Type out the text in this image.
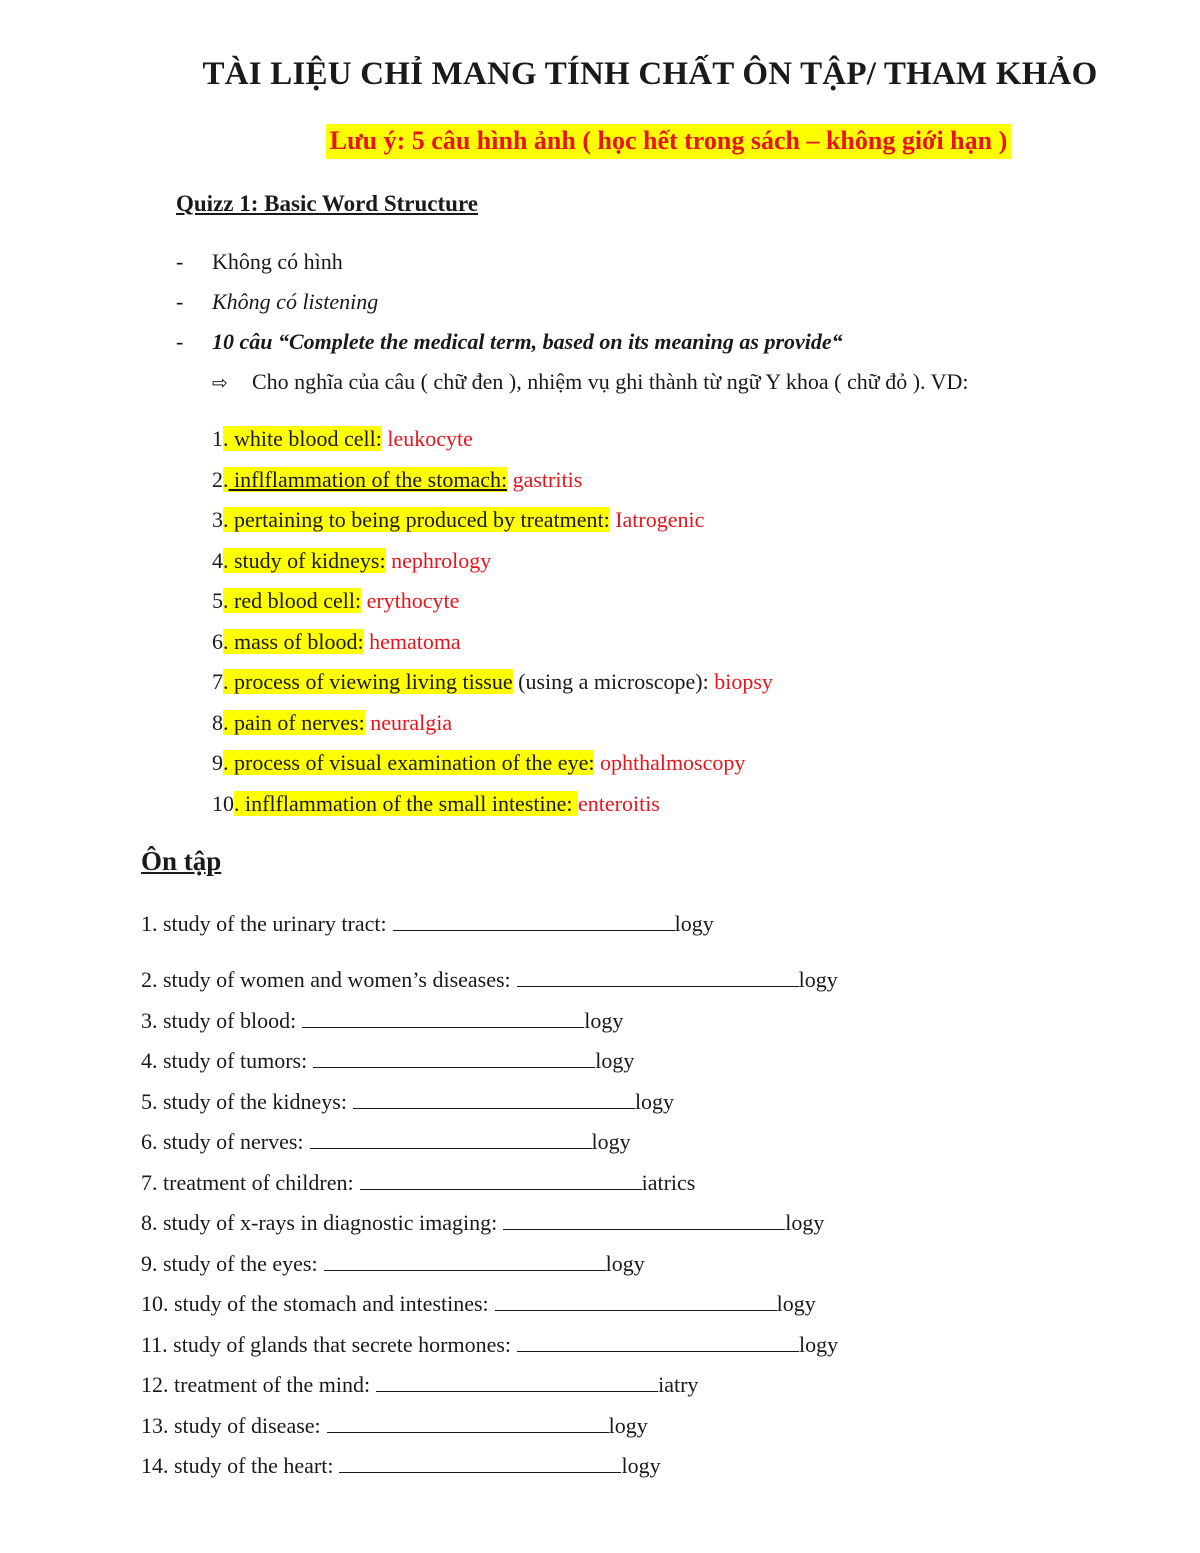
TÀI LIỆU CHỈ MANG TÍNH CHẤT ÔN TẬP/ THAM KHẢO
Lưu ý: 5 câu hình ảnh ( học hết trong sách – không giới hạn )
Quizz 1: Basic Word Structure
- Không có hình
- Không có listening
- 10 câu “Complete the medical term, based on its meaning as provide“
⇨ Cho nghĩa của câu ( chữ đen ), nhiệm vụ ghi thành từ ngữ Y khoa ( chữ đỏ ). VD:
1. white blood cell: leukocyte
2. inflflammation of the stomach: gastritis
3. pertaining to being produced by treatment: Iatrogenic
4. study of kidneys: nephrology
5. red blood cell: erythocyte
6. mass of blood: hematoma
7. process of viewing living tissue (using a microscope): biopsy
8. pain of nerves: neuralgia
9. process of visual examination of the eye: ophthalmoscopy
10. inflflammation of the small intestine: enteroitis
Ôn tập
1. study of the urinary tract:	logy
2. study of women and women’s diseases:	logy
3. study of blood:	logy
4. study of tumors:	logy
5. study of the kidneys:	logy
6. study of nerves:	logy
7. treatment of children:	iatrics
8. study of x-rays in diagnostic imaging:	logy
9. study of the eyes:	logy
10. study of the stomach and intestines:	logy
11. study of glands that secrete hormones:	logy
12. treatment of the mind:	iatry
13. study of disease:	logy
14. study of the heart:	logy
